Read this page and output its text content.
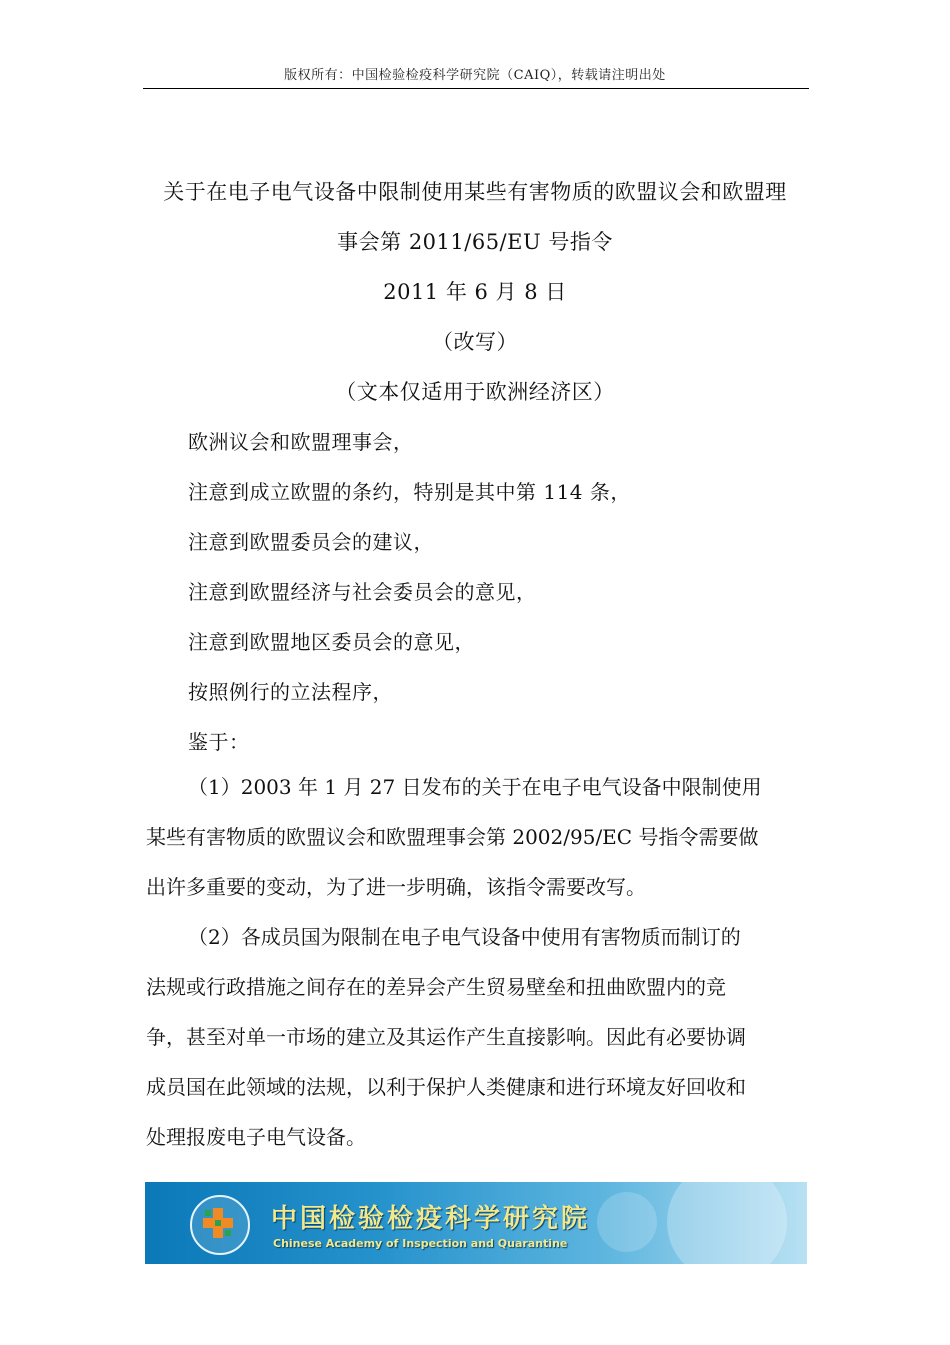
版权所有：中国检验检疫科学研究院（CAIQ），转载请注明出处
关于在电子电气设备中限制使用某些有害物质的欧盟议会和欧盟理
事会第 2011/65/EU 号指令
2011 年 6 月 8 日
（改写）
（文本仅适用于欧洲经济区）
欧洲议会和欧盟理事会，
注意到成立欧盟的条约，特别是其中第 114 条，
注意到欧盟委员会的建议，
注意到欧盟经济与社会委员会的意见，
注意到欧盟地区委员会的意见，
按照例行的立法程序，
鉴于：

（1）2003 年 1 月 27 日发布的关于在电子电气设备中限制使用

某些有害物质的欧盟议会和欧盟理事会第 2002/95/EC 号指令需要做

出许多重要的变动，为了进一步明确，该指令需要改写。

（2）各成员国为限制在电子电气设备中使用有害物质而制订的

法规或行政措施之间存在的差异会产生贸易壁垒和扭曲欧盟内的竞

争，甚至对单一市场的建立及其运作产生直接影响。因此有必要协调

成员国在此领域的法规，以利于保护人类健康和进行环境友好回收和

处理报废电子电气设备。

中国检验检疫科学研究院
Chinese Academy of Inspection and Quarantine
